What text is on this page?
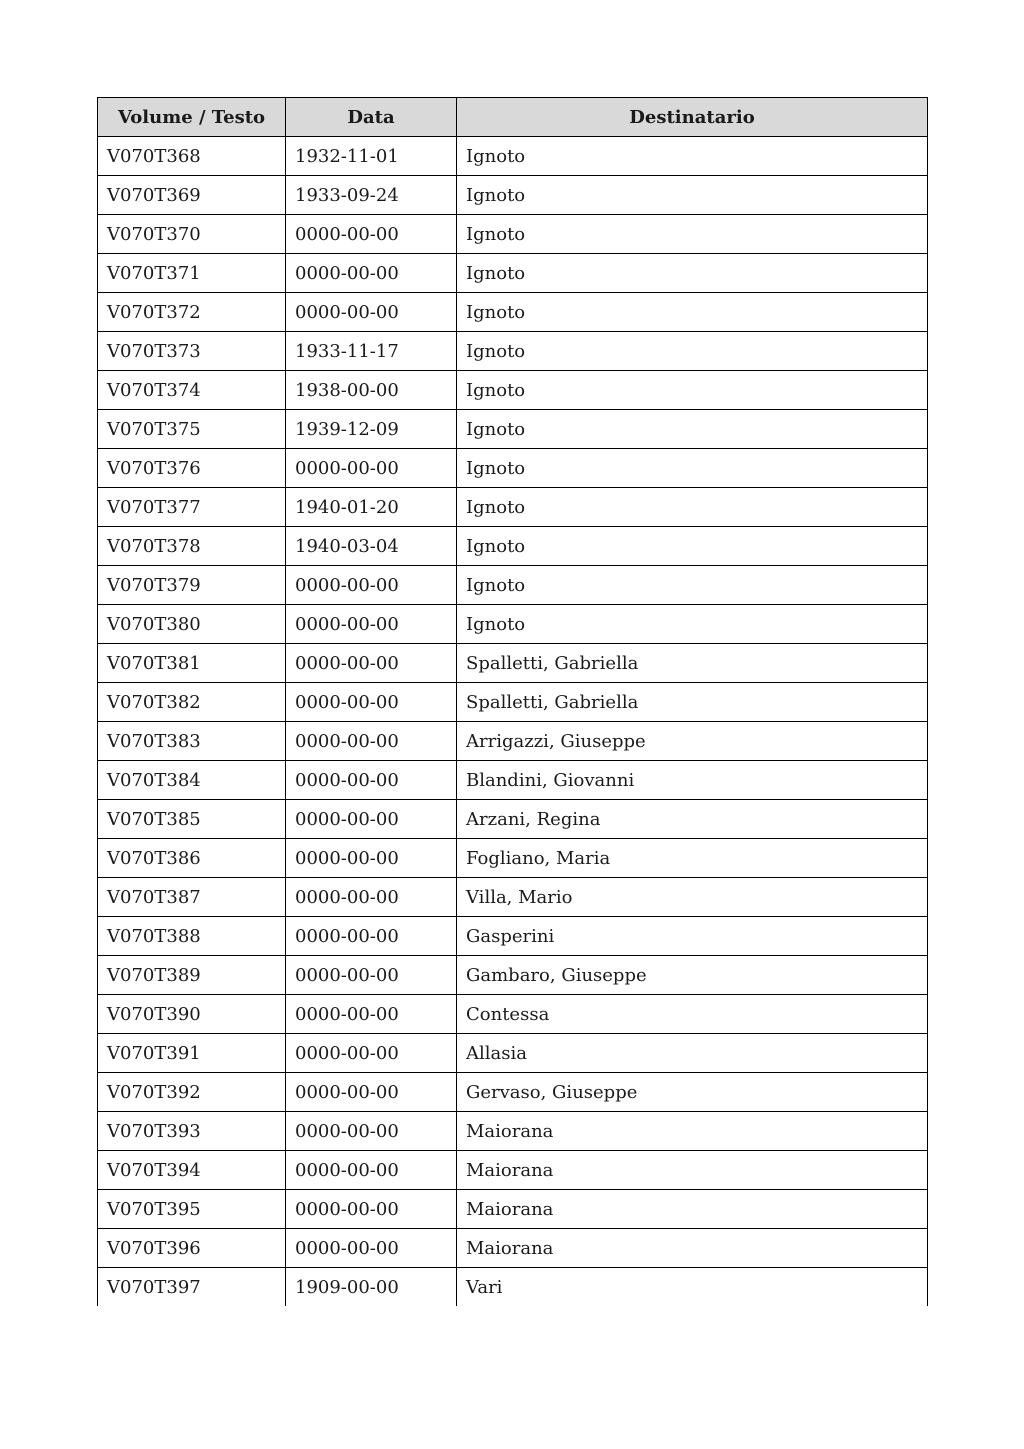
Volume / Testo	Data	Destinatario
V070T368	1932-11-01	Ignoto
V070T369	1933-09-24	Ignoto
V070T370	0000-00-00	Ignoto
V070T371	0000-00-00	Ignoto
V070T372	0000-00-00	Ignoto
V070T373	1933-11-17	Ignoto
V070T374	1938-00-00	Ignoto
V070T375	1939-12-09	Ignoto
V070T376	0000-00-00	Ignoto
V070T377	1940-01-20	Ignoto
V070T378	1940-03-04	Ignoto
V070T379	0000-00-00	Ignoto
V070T380	0000-00-00	Ignoto
V070T381	0000-00-00	Spalletti, Gabriella
V070T382	0000-00-00	Spalletti, Gabriella
V070T383	0000-00-00	Arrigazzi, Giuseppe
V070T384	0000-00-00	Blandini, Giovanni
V070T385	0000-00-00	Arzani, Regina
V070T386	0000-00-00	Fogliano, Maria
V070T387	0000-00-00	Villa, Mario
V070T388	0000-00-00	Gasperini
V070T389	0000-00-00	Gambaro, Giuseppe
V070T390	0000-00-00	Contessa
V070T391	0000-00-00	Allasia
V070T392	0000-00-00	Gervaso, Giuseppe
V070T393	0000-00-00	Maiorana
V070T394	0000-00-00	Maiorana
V070T395	0000-00-00	Maiorana
V070T396	0000-00-00	Maiorana
V070T397	1909-00-00	Vari
